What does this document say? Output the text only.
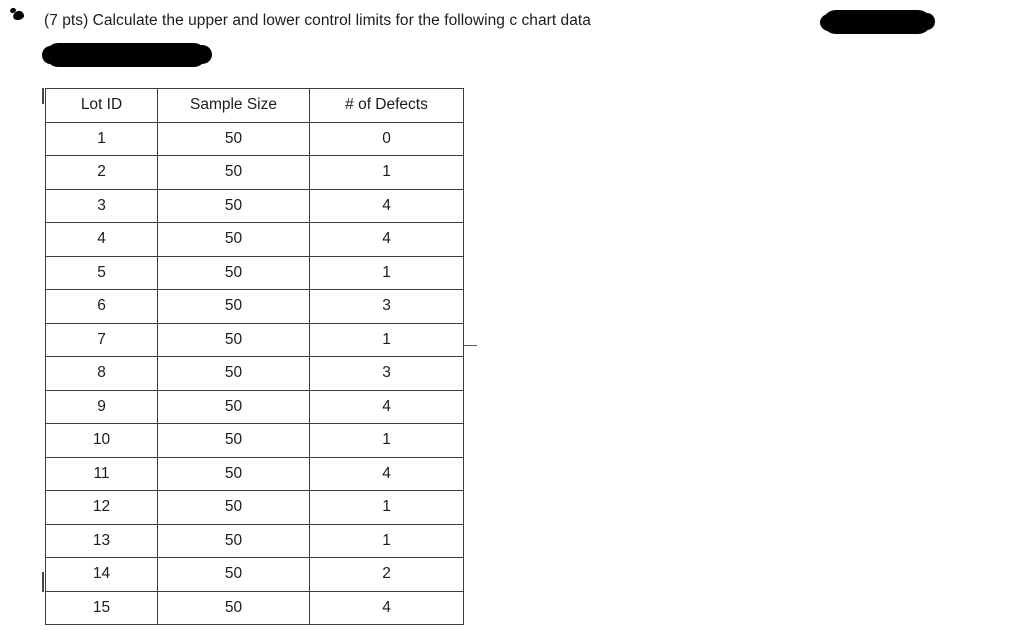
(7 pts) Calculate the upper and lower control limits for the following c chart data
Lot ID	Sample Size	# of Defects
1	50	0
2	50	1
3	50	4
4	50	4
5	50	1
6	50	3
7	50	1
8	50	3
9	50	4
10	50	1
11	50	4
12	50	1
13	50	1
14	50	2
15	50	4
